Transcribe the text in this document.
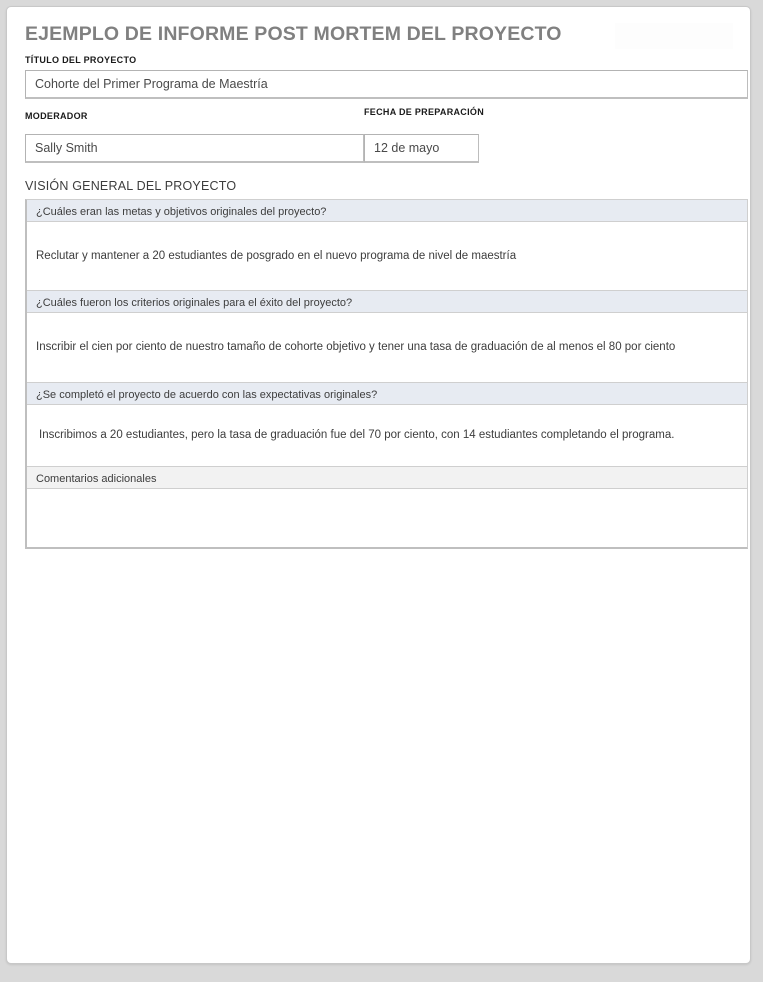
EJEMPLO DE INFORME POST MORTEM DEL PROYECTO
TÍTULO DEL PROYECTO
Cohorte del Primer Programa de Maestría
MODERADOR	FECHA DE PREPARACIÓN
Sally Smith	12 de mayo
VISIÓN GENERAL DEL PROYECTO
¿Cuáles eran las metas y objetivos originales del proyecto?
Reclutar y mantener a 20 estudiantes de posgrado en el nuevo programa de nivel de maestría
¿Cuáles fueron los criterios originales para el éxito del proyecto?
Inscribir el cien por ciento de nuestro tamaño de cohorte objetivo y tener una tasa de graduación de al menos el 80 por ciento
¿Se completó el proyecto de acuerdo con las expectativas originales?
Inscribimos a 20 estudiantes, pero la tasa de graduación fue del 70 por ciento, con 14 estudiantes completando el programa.
Comentarios adicionales
